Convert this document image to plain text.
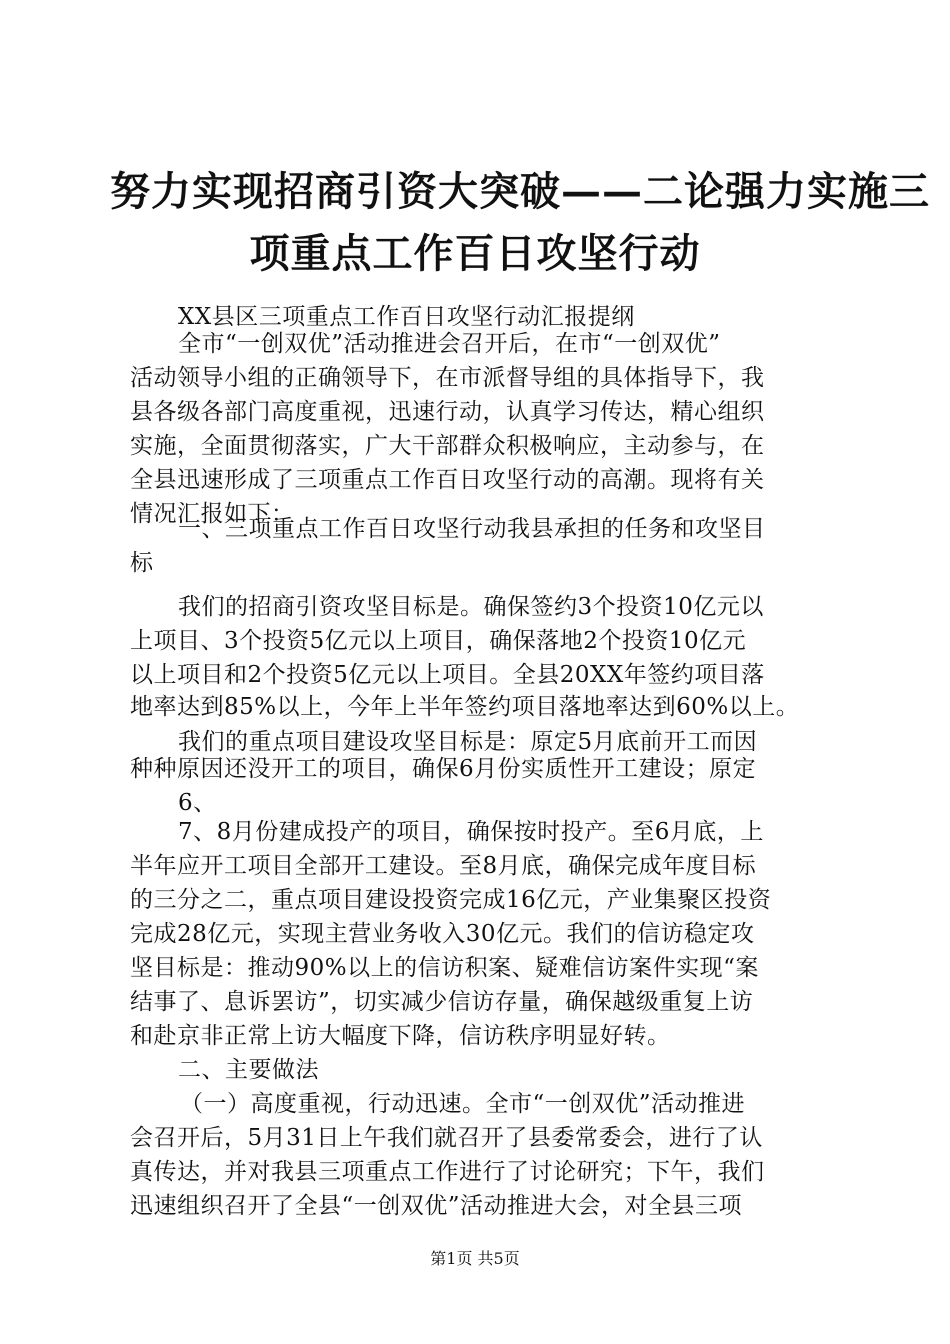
努力实现招商引资大突破——二论强力实施三
项重点工作百日攻坚行动

XX县区三项重点工作百日攻坚行动汇报提纲

全市“一创双优”活动推进会召开后，在市“一创双优”

活动领导小组的正确领导下，在市派督导组的具体指导下，我

县各级各部门高度重视，迅速行动，认真学习传达，精心组织

实施，全面贯彻落实，广大干部群众积极响应，主动参与，在

全县迅速形成了三项重点工作百日攻坚行动的高潮。现将有关

情况汇报如下：

一、三项重点工作百日攻坚行动我县承担的任务和攻坚目

标

我们的招商引资攻坚目标是。确保签约3个投资10亿元以

上项目、3个投资5亿元以上项目，确保落地2个投资10亿元

以上项目和2个投资5亿元以上项目。全县20XX年签约项目落

地率达到85%以上，今年上半年签约项目落地率达到60%以上。

我们的重点项目建设攻坚目标是：原定5月底前开工而因

种种原因还没开工的项目，确保6月份实质性开工建设；原定

6、

7、8月份建成投产的项目，确保按时投产。至6月底，上

半年应开工项目全部开工建设。至8月底，确保完成年度目标

的三分之二，重点项目建设投资完成16亿元，产业集聚区投资

完成28亿元，实现主营业务收入30亿元。我们的信访稳定攻

坚目标是：推动90%以上的信访积案、疑难信访案件实现“案

结事了、息诉罢访”，切实减少信访存量，确保越级重复上访

和赴京非正常上访大幅度下降，信访秩序明显好转。

二、主要做法

（一）高度重视，行动迅速。全市“一创双优”活动推进

会召开后，5月31日上午我们就召开了县委常委会，进行了认

真传达，并对我县三项重点工作进行了讨论研究；下午，我们

迅速组织召开了全县“一创双优”活动推进大会，对全县三项

第1页 共5页
